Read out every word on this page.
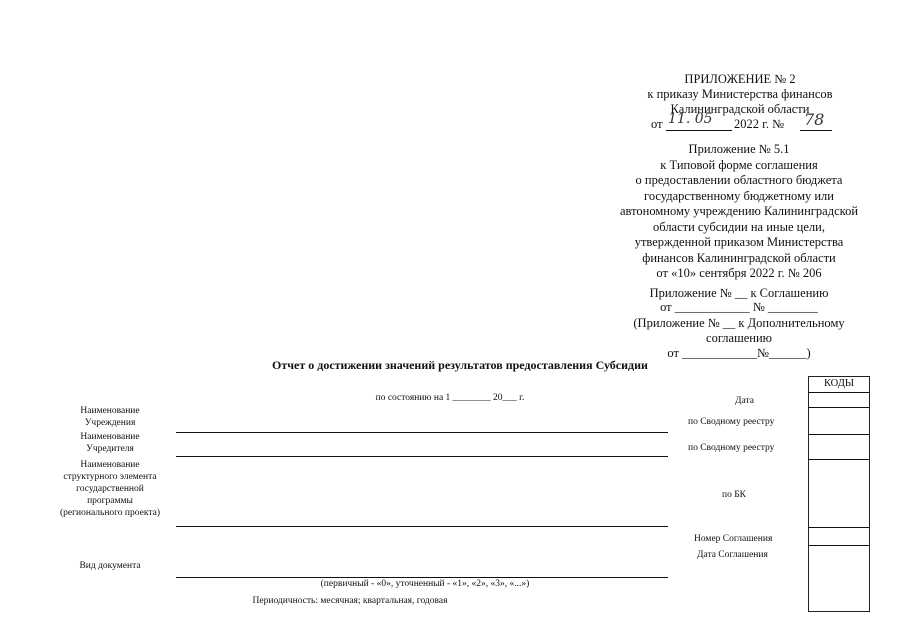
ПРИЛОЖЕНИЕ № 2
к приказу Министерства финансов
Калининградской области
от 11. 05 2022 г. № 78
Приложение № 5.1
к Типовой форме соглашения
о предоставлении областного бюджета
государственному бюджетному или
автономному учреждению Калининградской
области субсидии на иные цели,
утвержденной приказом Министерства
финансов Калининградской области
от «10» сентября 2022 г. № 206
Приложение № __ к Соглашению
от ____________ № ________
(Приложение № __ к Дополнительному
соглашению
от ____________№______)
Отчет о достижении значений результатов предоставления Субсидии
по состоянию на 1 ________ 20___ г.
Наименование
Учреждения
Наименование
Учредителя
Наименование
структурного элемента
государственной
программы
(регионального проекта)
Вид документа
(первичный - «0», уточненный - «1», «2», «3», «...»)
Периодичность: месячная; квартальная, годовая
Дата
по Сводному реестру
по Сводному реестру
по БК
Номер Соглашения
Дата Соглашения
КОДЫ
